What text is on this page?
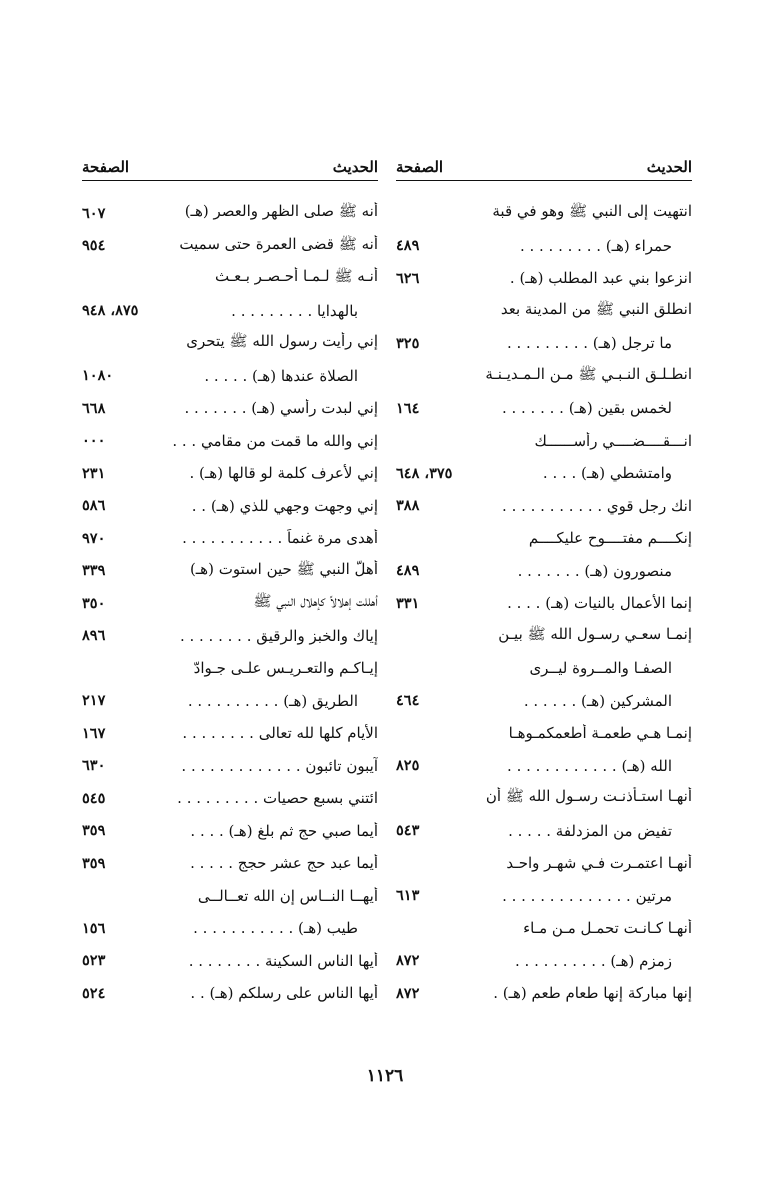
الحديث
الصفحة
انتهيت إلى النبي ﷺ وهو في قبة
حمراء (هـ) . . . . . . . . .
٤٨٩
انزعوا بني عبد المطلب (هـ) .
٦٢٦
انطلق النبي ﷺ من المدينة بعد
ما ترجل (هـ) . . . . . . . . .
٣٢٥
انطـلـق النـبـي ﷺ مـن الـمـديـنـة
لخمس بقين (هـ) . . . . . . .
١٦٤
انـــقــــضــــي رأســــــك
وامتشطي (هـ) . . . .
٣٧٥، ٦٤٨
انك رجل قوي . . . . . . . . . . .
٣٨٨
إنكــــم مفتــــوح عليكــــم
منصورون (هـ) . . . . . . .
٤٨٩
إنما الأعمال بالنيات (هـ) . . . .
٣٣١
إنمـا سعـي رسـول الله ﷺ بيـن
الصفـا والمــروة ليــرى
المشركين (هـ) . . . . . .
٤٦٤
إنمـا هـي طعمـة أطعمكمـوهـا
الله (هـ) . . . . . . . . . . . .
٨٢٥
أنهـا استـأذنـت رسـول الله ﷺ أن
تفيض من المزدلفة . . . . .
٥٤٣
أنهـا اعتمـرت فـي شهـر واحـد
مرتين . . . . . . . . . . . . . .
٦١٣
أنهـا كـانـت تحمـل مـن مـاء
زمزم (هـ) . . . . . . . . . .
٨٧٢
إنها مباركة إنها طعام طعم (هـ) .
٨٧٢
الحديث
الصفحة
أنه ﷺ صلى الظهر والعصر (هـ)
٦٠٧
أنه ﷺ قضى العمرة حتى سميت
٩٥٤
أنـه ﷺ لـمـا أحـصـر بـعـث
بالهدايا . . . . . . . . .
٨٧٥، ٩٤٨
إني رأيت رسول الله ﷺ يتحرى
الصلاة عندها (هـ) . . . . .
١٠٨٠
إني لبدت رأسي (هـ) . . . . . . .
٦٦٨
إني والله ما قمت من مقامي . . .
٠٠٠
إني لأعرف كلمة لو قالها (هـ) .
٢٣١
إني وجهت وجهي للذي (هـ) . .
٥٨٦
أهدى مرة غنماً . . . . . . . . . . .
٩٧٠
أهلَّ النبي ﷺ حين استوت (هـ)
٣٣٩
أهللت إهلالاً كإهلال النبي ﷺ
٣٥٠
إياك والخبز والرقيق . . . . . . . .
٨٩٦
إيـاكـم والتعـريـس علـى جـوادّ
الطريق (هـ) . . . . . . . . . .
٢١٧
الأيام كلها لله تعالى . . . . . . . .
١٦٧
آيبون تائبون . . . . . . . . . . . . .
٦٣٠
ائتني بسبع حصيات . . . . . . . . .
٥٤٥
أيما صبي حج ثم بلغ (هـ) . . . .
٣٥٩
أيما عبد حج عشر حجج . . . . .
٣٥٩
أيهــا النــاس إن الله تعــالــى
طيب (هـ) . . . . . . . . . . .
١٥٦
أيها الناس السكينة . . . . . . . .
٥٢٣
أيها الناس على رسلكم (هـ) . .
٥٢٤
١١٢٦
